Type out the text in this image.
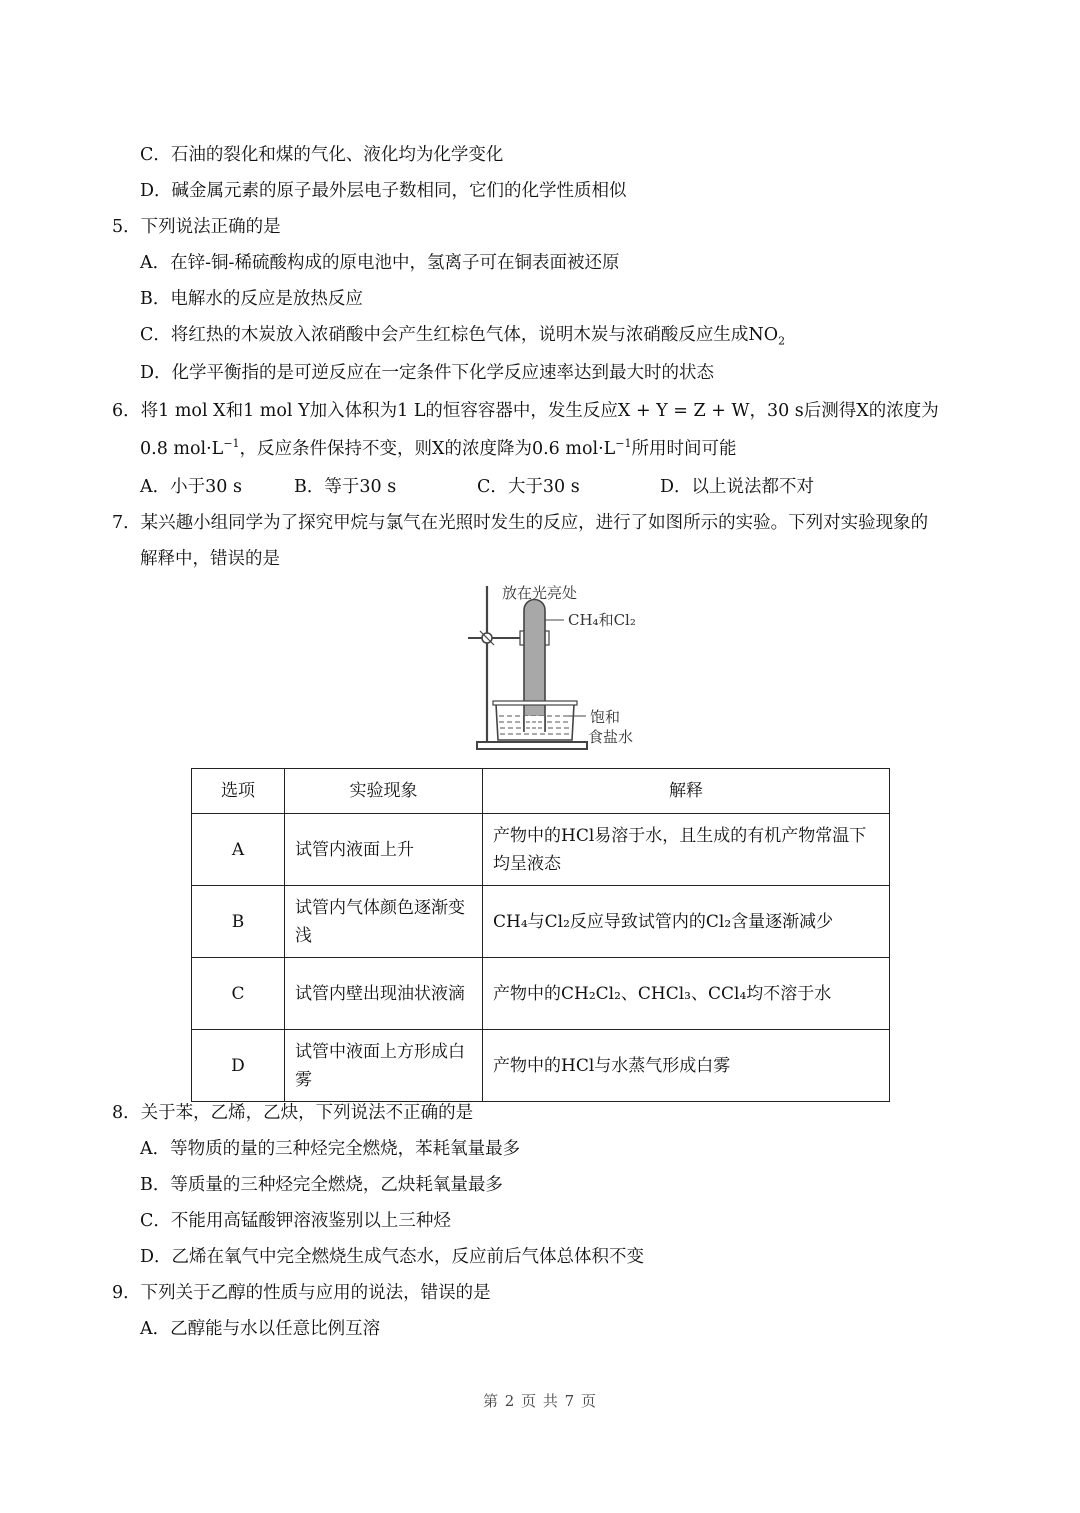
C．石油的裂化和煤的气化、液化均为化学变化
D．碱金属元素的原子最外层电子数相同，它们的化学性质相似
5．下列说法正确的是
A．在锌-铜-稀硫酸构成的原电池中，氢离子可在铜表面被还原
B．电解水的反应是放热反应
C．将红热的木炭放入浓硝酸中会产生红棕色气体，说明木炭与浓硝酸反应生成$NO_2$
D．化学平衡指的是可逆反应在一定条件下化学反应速率达到最大时的状态
6．将1 mol X和1 mol Y加入体积为1 L的恒容容器中，发生反应X + Y = Z + W，30 s后测得X的浓度为
0.8 $mol\cdot L^{-1}$，反应条件保持不变，则X的浓度降为0.6 $mol\cdot L^{-1}$所用时间可能
A．小于30 s	B．等于30 s	C．大于30 s	D．以上说法都不对
7．某兴趣小组同学为了探究甲烷与氯气在光照时发生的反应，进行了如图所示的实验。下列对实验现象的
解释中，错误的是
放在光亮处
CH₄和Cl₂
饱和
食盐水
选项	实验现象	解释
A	试管内液面上升	产物中的HCl易溶于水，且生成的有机产物常温下均呈液态
B	试管内气体颜色逐渐变浅	CH₄与Cl₂反应导致试管内的Cl₂含量逐渐减少
C	试管内壁出现油状液滴	产物中的CH₂Cl₂、CHCl₃、CCl₄均不溶于水
D	试管中液面上方形成白雾	产物中的HCl与水蒸气形成白雾
8．关于苯，乙烯，乙炔，下列说法不正确的是
A．等物质的量的三种烃完全燃烧，苯耗氧量最多
B．等质量的三种烃完全燃烧，乙炔耗氧量最多
C．不能用高锰酸钾溶液鉴别以上三种烃
D．乙烯在氧气中完全燃烧生成气态水，反应前后气体总体积不变
9．下列关于乙醇的性质与应用的说法，错误的是
A．乙醇能与水以任意比例互溶
第 2 页 共 7 页
